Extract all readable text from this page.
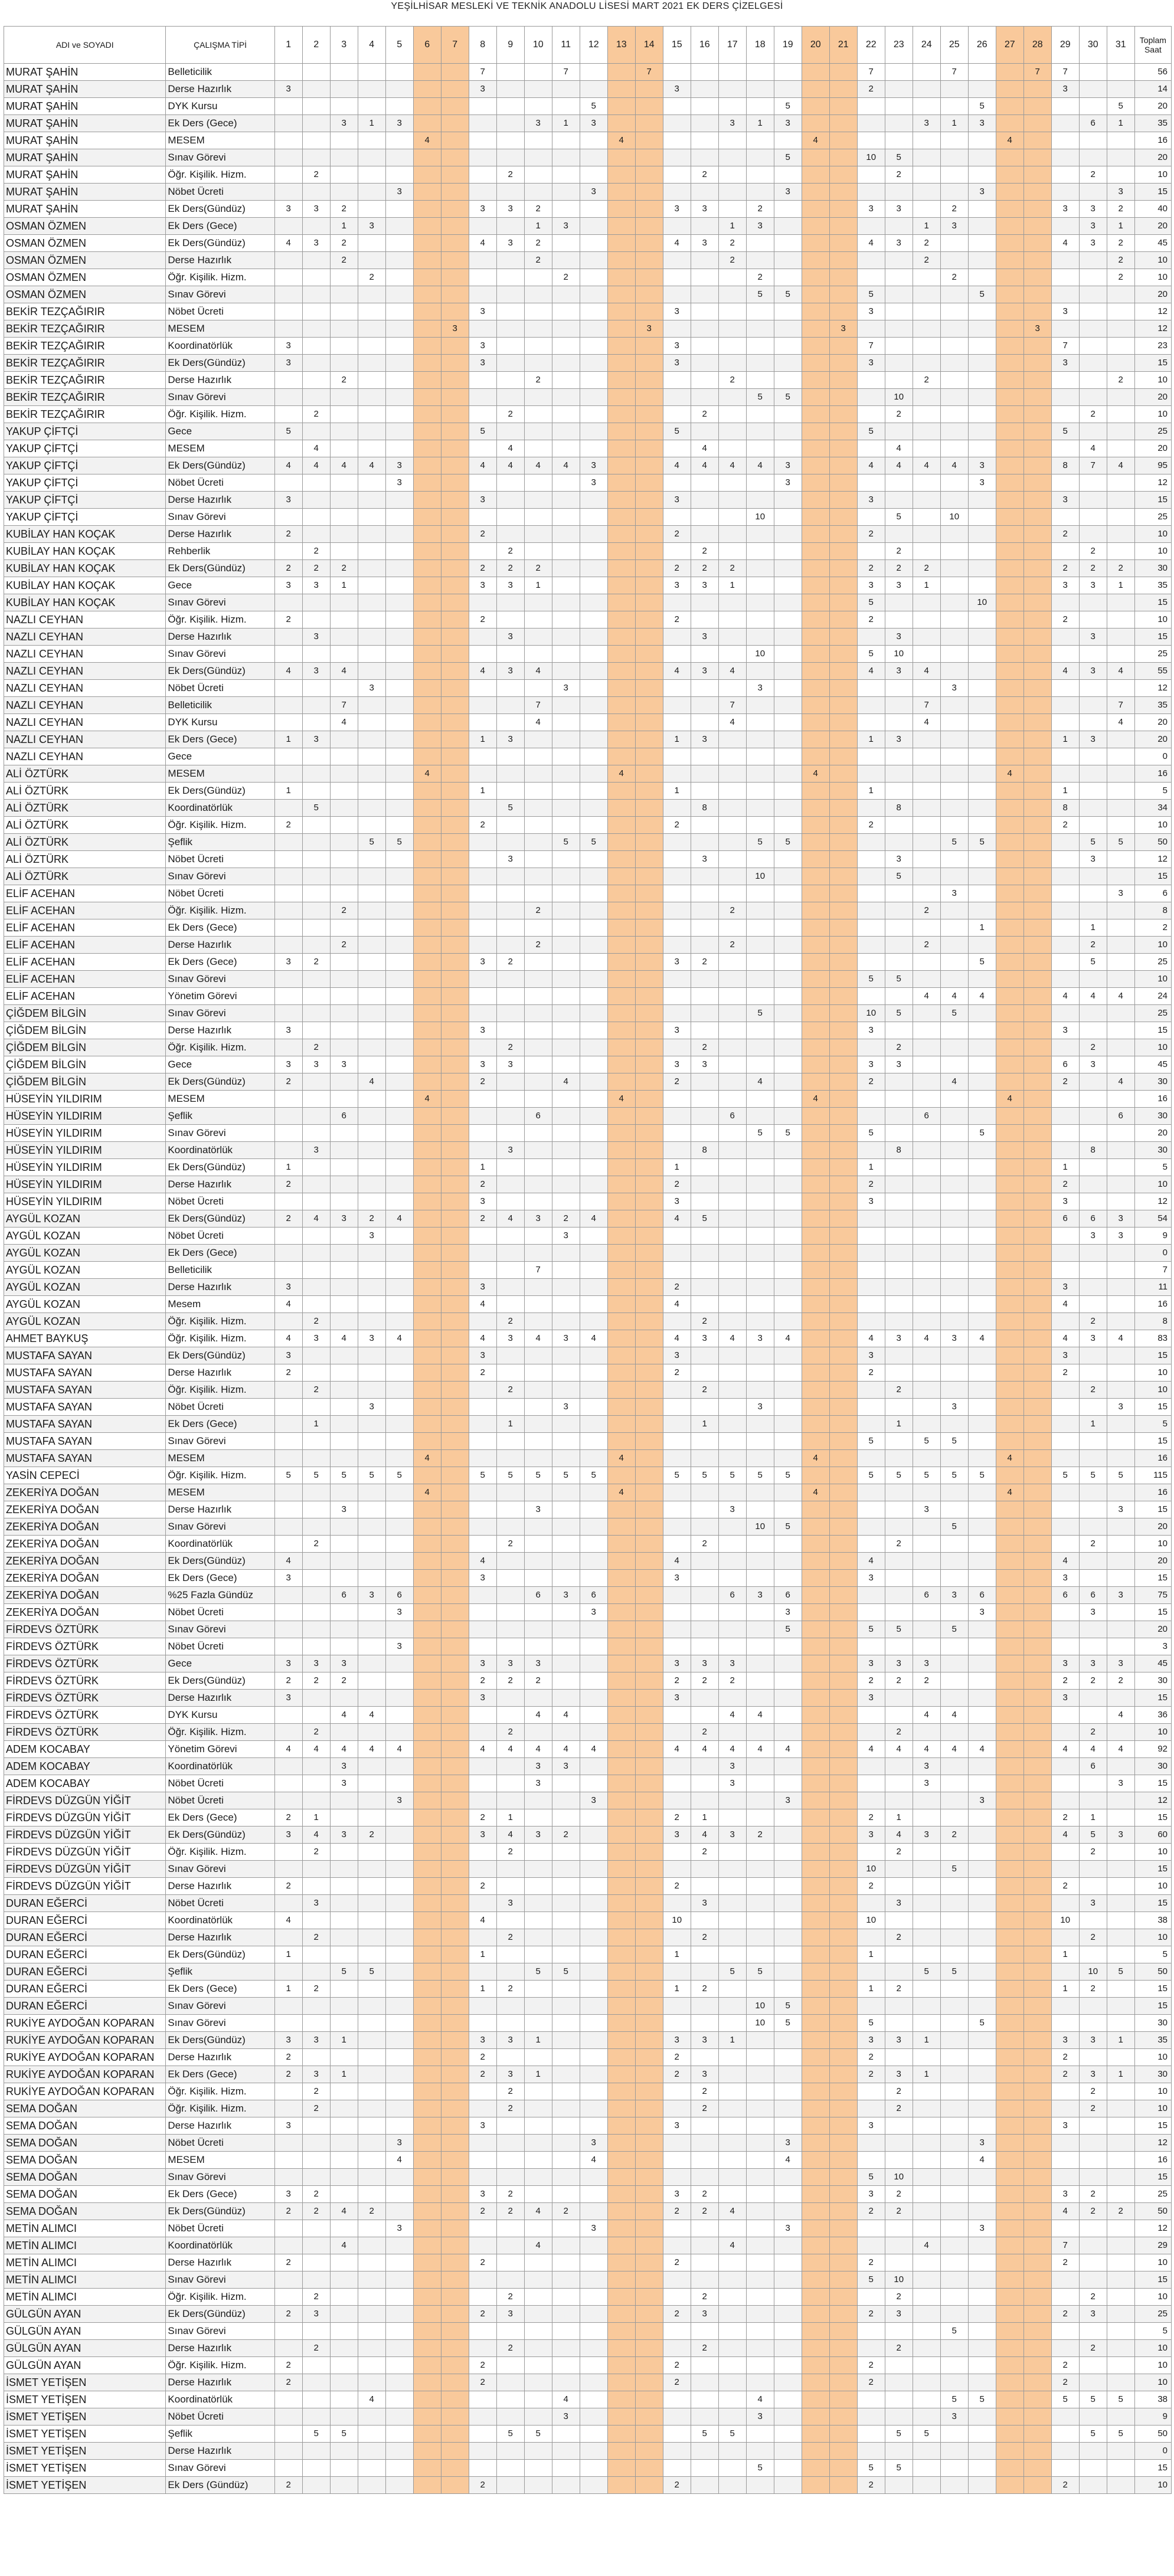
YEŞİLHİSAR MESLEKİ VE TEKNİK ANADOLU LİSESİ MART 2021 EK DERS ÇİZELGESİ
ADI ve SOYADI	ÇALIŞMA TİPİ	1	2	3	4	5	6	7	8	9	10	11	12	13	14	15	16	17	18	19	20	21	22	23	24	25	26	27	28	29	30	31	Toplam Saat
MURAT ŞAHİN	Belleticilik								7			7			7								7			7			7	7			56
MURAT ŞAHİN	Derse Hazırlık	3							3							3							2							3			14
MURAT ŞAHİN	DYK Kursu												5							5							5					5	20
MURAT ŞAHİN	Ek Ders (Gece)			3	1	3					3	1	3					3	1	3					3	1	3				6	1	35
MURAT ŞAHİN	MESEM						4							4							4							4					16
MURAT ŞAHİN	Sınav Görevi																			5			10	5									20
MURAT ŞAHİN	Öğr. Kişilik. Hizm.		2							2							2							2							2		10
MURAT ŞAHİN	Nöbet Ücreti					3							3							3							3					3	15
MURAT ŞAHİN	Ek Ders(Gündüz)	3	3	2					3	3	2					3	3		2				3	3		2				3	3	2	40
OSMAN ÖZMEN	Ek Ders (Gece)			1	3						1	3						1	3						1	3					3	1	20
OSMAN ÖZMEN	Ek Ders(Gündüz)	4	3	2					4	3	2					4	3	2					4	3	2					4	3	2	45
OSMAN ÖZMEN	Derse Hazırlık			2							2							2							2							2	10
OSMAN ÖZMEN	Öğr. Kişilik. Hizm.				2							2							2							2						2	10
OSMAN ÖZMEN	Sınav Görevi																		5	5			5				5						20
BEKİR TEZÇAĞIRIR	Nöbet Ücreti								3							3							3							3			12
BEKİR TEZÇAĞIRIR	MESEM							3							3							3							3				12
BEKİR TEZÇAĞIRIR	Koordinatörlük	3							3							3							7							7			23
BEKİR TEZÇAĞIRIR	Ek Ders(Gündüz)	3							3							3							3							3			15
BEKİR TEZÇAĞIRIR	Derse Hazırlık			2							2							2							2							2	10
BEKİR TEZÇAĞIRIR	Sınav Görevi																		5	5				10									20
BEKİR TEZÇAĞIRIR	Öğr. Kişilik. Hizm.		2							2							2							2							2		10
YAKUP ÇİFTÇİ	Gece	5							5							5							5							5			25
YAKUP ÇİFTÇİ	MESEM		4							4							4							4							4		20
YAKUP ÇİFTÇİ	Ek Ders(Gündüz)	4	4	4	4	3			4	4	4	4	3			4	4	4	4	3			4	4	4	4	3			8	7	4	95
YAKUP ÇİFTÇİ	Nöbet Ücreti					3							3							3							3						12
YAKUP ÇİFTÇİ	Derse Hazırlık	3							3							3							3							3			15
YAKUP ÇİFTÇİ	Sınav Görevi																		10					5		10							25
KUBİLAY HAN KOÇAK	Derse Hazırlık	2							2							2							2							2			10
KUBİLAY HAN KOÇAK	Rehberlik		2							2							2							2							2		10
KUBİLAY HAN KOÇAK	Ek Ders(Gündüz)	2	2	2					2	2	2					2	2	2					2	2	2					2	2	2	30
KUBİLAY HAN KOÇAK	Gece	3	3	1					3	3	1					3	3	1					3	3	1					3	3	1	35
KUBİLAY HAN KOÇAK	Sınav Görevi																						5				10						15
NAZLI CEYHAN	Öğr. Kişilik. Hizm.	2							2							2							2							2			10
NAZLI CEYHAN	Derse Hazırlık		3							3							3							3							3		15
NAZLI CEYHAN	Sınav Görevi																		10				5	10									25
NAZLI CEYHAN	Ek Ders(Gündüz)	4	3	4					4	3	4					4	3	4					4	3	4					4	3	4	55
NAZLI CEYHAN	Nöbet Ücreti				3							3							3							3							12
NAZLI CEYHAN	Belleticilik			7							7							7							7							7	35
NAZLI CEYHAN	DYK Kursu			4							4							4							4							4	20
NAZLI CEYHAN	Ek Ders (Gece)	1	3						1	3						1	3						1	3						1	3		20
NAZLI CEYHAN	Gece																																0
ALİ ÖZTÜRK	MESEM						4							4							4							4					16
ALİ ÖZTÜRK	Ek Ders(Gündüz)	1							1							1							1							1			5
ALİ ÖZTÜRK	Koordinatörlük		5							5							8							8						8			34
ALİ ÖZTÜRK	Öğr. Kişilik. Hizm.	2							2							2							2							2			10
ALİ ÖZTÜRK	Şeflik				5	5						5	5						5	5						5	5				5	5	50
ALİ ÖZTÜRK	Nöbet Ücreti									3							3							3							3		12
ALİ ÖZTÜRK	Sınav Görevi																		10					5									15
ELİF ACEHAN	Nöbet Ücreti																									3						3	6
ELİF ACEHAN	Öğr. Kişilik. Hizm.			2							2							2							2								8
ELİF ACEHAN	Ek Ders (Gece)																										1				1		2
ELİF ACEHAN	Derse Hazırlık			2							2							2							2						2		10
ELİF ACEHAN	Ek Ders (Gece)	3	2						3	2						3	2										5				5		25
ELİF ACEHAN	Sınav Görevi																						5	5									10
ELİF ACEHAN	Yönetim Görevi																								4	4	4			4	4	4	24
ÇİĞDEM BİLGİN	Sınav Görevi																		5				10	5		5							25
ÇİĞDEM BİLGİN	Derse Hazırlık	3							3							3							3							3			15
ÇİĞDEM BİLGİN	Öğr. Kişilik. Hizm.		2							2							2							2							2		10
ÇİĞDEM BİLGİN	Gece	3	3	3					3	3						3	3						3	3						6	3		45
ÇİĞDEM BİLGİN	Ek Ders(Gündüz)	2			4				2			4				2			4				2			4				2		4	30
HÜSEYİN YILDIRIM	MESEM						4							4							4							4					16
HÜSEYİN YILDIRIM	Şeflik			6							6							6							6							6	30
HÜSEYİN YILDIRIM	Sınav Görevi																		5	5			5				5						20
HÜSEYİN YILDIRIM	Koordinatörlük		3							3							8							8							8		30
HÜSEYİN YILDIRIM	Ek Ders(Gündüz)	1							1							1							1							1			5
HÜSEYİN YILDIRIM	Derse Hazırlık	2							2							2							2							2			10
HÜSEYİN YILDIRIM	Nöbet Ücreti								3							3							3							3			12
AYGÜL KOZAN	Ek Ders(Gündüz)	2	4	3	2	4			2	4	3	2	4			4	5													6	6	3	54
AYGÜL KOZAN	Nöbet Ücreti				3							3																			3	3	9
AYGÜL KOZAN	Ek Ders (Gece)																																0
AYGÜL KOZAN	Belleticilik										7																						7
AYGÜL KOZAN	Derse Hazırlık	3							3							2														3			11
AYGÜL KOZAN	Mesem	4							4							4														4			16
AYGÜL KOZAN	Öğr. Kişilik. Hizm.		2							2							2														2		8
AHMET BAYKUŞ	Öğr. Kişilik. Hizm.	4	3	4	3	4			4	3	4	3	4			4	3	4	3	4			4	3	4	3	4			4	3	4	83
MUSTAFA SAYAN	Ek Ders(Gündüz)	3							3							3							3							3			15
MUSTAFA SAYAN	Derse Hazırlık	2							2							2							2							2			10
MUSTAFA SAYAN	Öğr. Kişilik. Hizm.		2							2							2							2							2		10
MUSTAFA SAYAN	Nöbet Ücreti				3							3							3							3						3	15
MUSTAFA SAYAN	Ek Ders (Gece)		1							1							1							1							1		5
MUSTAFA SAYAN	Sınav Görevi																						5		5	5							15
MUSTAFA SAYAN	MESEM						4							4							4							4					16
YASİN CEPECİ	Öğr. Kişilik. Hizm.	5	5	5	5	5			5	5	5	5	5			5	5	5	5	5			5	5	5	5	5			5	5	5	115
ZEKERİYA DOĞAN	MESEM						4							4							4							4					16
ZEKERİYA DOĞAN	Derse Hazırlık			3							3							3							3							3	15
ZEKERİYA DOĞAN	Sınav Görevi																		10	5						5							20
ZEKERİYA DOĞAN	Koordinatörlük		2							2							2							2							2		10
ZEKERİYA DOĞAN	Ek Ders(Gündüz)	4							4							4							4							4			20
ZEKERİYA DOĞAN	Ek Ders (Gece)	3							3							3							3							3			15
ZEKERİYA DOĞAN	%25 Fazla Gündüz			6	3	6					6	3	6					6	3	6					6	3	6			6	6	3	75
ZEKERİYA DOĞAN	Nöbet Ücreti					3							3							3							3				3		15
FİRDEVS ÖZTÜRK	Sınav Görevi																			5			5	5		5							20
FİRDEVS ÖZTÜRK	Nöbet Ücreti					3																											3
FİRDEVS ÖZTÜRK	Gece	3	3	3					3	3	3					3	3	3					3	3	3					3	3	3	45
FİRDEVS ÖZTÜRK	Ek Ders(Gündüz)	2	2	2					2	2	2					2	2	2					2	2	2					2	2	2	30
FİRDEVS ÖZTÜRK	Derse Hazırlık	3							3							3							3							3			15
FİRDEVS ÖZTÜRK	DYK Kursu			4	4						4	4						4	4						4	4						4	36
FİRDEVS ÖZTÜRK	Öğr. Kişilik. Hizm.		2							2							2							2							2		10
ADEM KOCABAY	Yönetim Görevi	4	4	4	4	4			4	4	4	4	4			4	4	4	4	4			4	4	4	4	4			4	4	4	92
ADEM KOCABAY	Koordinatörlük			3							3	3						3							3						6		30
ADEM KOCABAY	Nöbet Ücreti			3							3							3							3							3	15
FİRDEVS DÜZGÜN YİĞİT	Nöbet Ücreti					3							3							3							3						12
FİRDEVS DÜZGÜN YİĞİT	Ek Ders (Gece)	2	1						2	1						2	1						2	1						2	1		15
FİRDEVS DÜZGÜN YİĞİT	Ek Ders(Gündüz)	3	4	3	2				3	4	3	2				3	4	3	2				3	4	3	2				4	5	3	60
FİRDEVS DÜZGÜN YİĞİT	Öğr. Kişilik. Hizm.		2							2							2							2							2		10
FİRDEVS DÜZGÜN YİĞİT	Sınav Görevi																						10			5							15
FİRDEVS DÜZGÜN YİĞİT	Derse Hazırlık	2							2							2							2							2			10
DURAN EĞERCİ	Nöbet Ücreti		3							3							3							3							3		15
DURAN EĞERCİ	Koordinatörlük	4							4							10							10							10			38
DURAN EĞERCİ	Derse Hazırlık		2							2							2							2							2		10
DURAN EĞERCİ	Ek Ders(Gündüz)	1							1							1							1							1			5
DURAN EĞERCİ	Şeflik			5	5						5	5						5	5						5	5					10	5	50
DURAN EĞERCİ	Ek Ders (Gece)	1	2						1	2						1	2						1	2						1	2		15
DURAN EĞERCİ	Sınav Görevi																		10	5													15
RUKİYE AYDOĞAN KOPARAN	Sınav Görevi																		10	5			5				5						30
RUKİYE AYDOĞAN KOPARAN	Ek Ders(Gündüz)	3	3	1					3	3	1					3	3	1					3	3	1					3	3	1	35
RUKİYE AYDOĞAN KOPARAN	Derse Hazırlık	2							2							2							2							2			10
RUKİYE AYDOĞAN KOPARAN	Ek Ders (Gece)	2	3	1					2	3	1					2	3						2	3	1					2	3	1	30
RUKİYE AYDOĞAN KOPARAN	Öğr. Kişilik. Hizm.		2							2							2							2							2		10
SEMA DOĞAN	Öğr. Kişilik. Hizm.		2							2							2							2							2		10
SEMA DOĞAN	Derse Hazırlık	3							3							3							3							3			15
SEMA DOĞAN	Nöbet Ücreti					3							3							3							3						12
SEMA DOĞAN	MESEM					4							4							4							4						16
SEMA DOĞAN	Sınav Görevi																						5	10									15
SEMA DOĞAN	Ek Ders (Gece)	3	2						3	2						3	2						3	2						3	2		25
SEMA DOĞAN	Ek Ders(Gündüz)	2	2	4	2				2	2	4	2				2	2	4					2	2						4	2	2	50
METİN ALIMCI	Nöbet Ücreti					3							3							3							3						12
METİN ALIMCI	Koordinatörlük			4							4							4							4					7			29
METİN ALIMCI	Derse Hazırlık	2							2							2							2							2			10
METİN ALIMCI	Sınav Görevi																						5	10									15
METİN ALIMCI	Öğr. Kişilik. Hizm.		2							2							2							2							2		10
GÜLGÜN AYAN	Ek Ders(Gündüz)	2	3						2	3						2	3						2	3						2	3		25
GÜLGÜN AYAN	Sınav Görevi																									5							5
GÜLGÜN AYAN	Derse Hazırlık		2							2							2							2							2		10
GÜLGÜN AYAN	Öğr. Kişilik. Hizm.	2							2							2							2							2			10
İSMET YETİŞEN	Derse Hazırlık	2							2							2							2							2			10
İSMET YETİŞEN	Koordinatörlük				4							4							4							5	5			5	5	5	38
İSMET YETİŞEN	Nöbet Ücreti											3							3							3							9
İSMET YETİŞEN	Şeflik		5	5						5	5						5	5						5	5						5	5	50
İSMET YETİŞEN	Derse Hazırlık																																0
İSMET YETİŞEN	Sınav Görevi																		5				5	5									15
İSMET YETİŞEN	Ek Ders (Gündüz)	2							2							2							2							2			10
